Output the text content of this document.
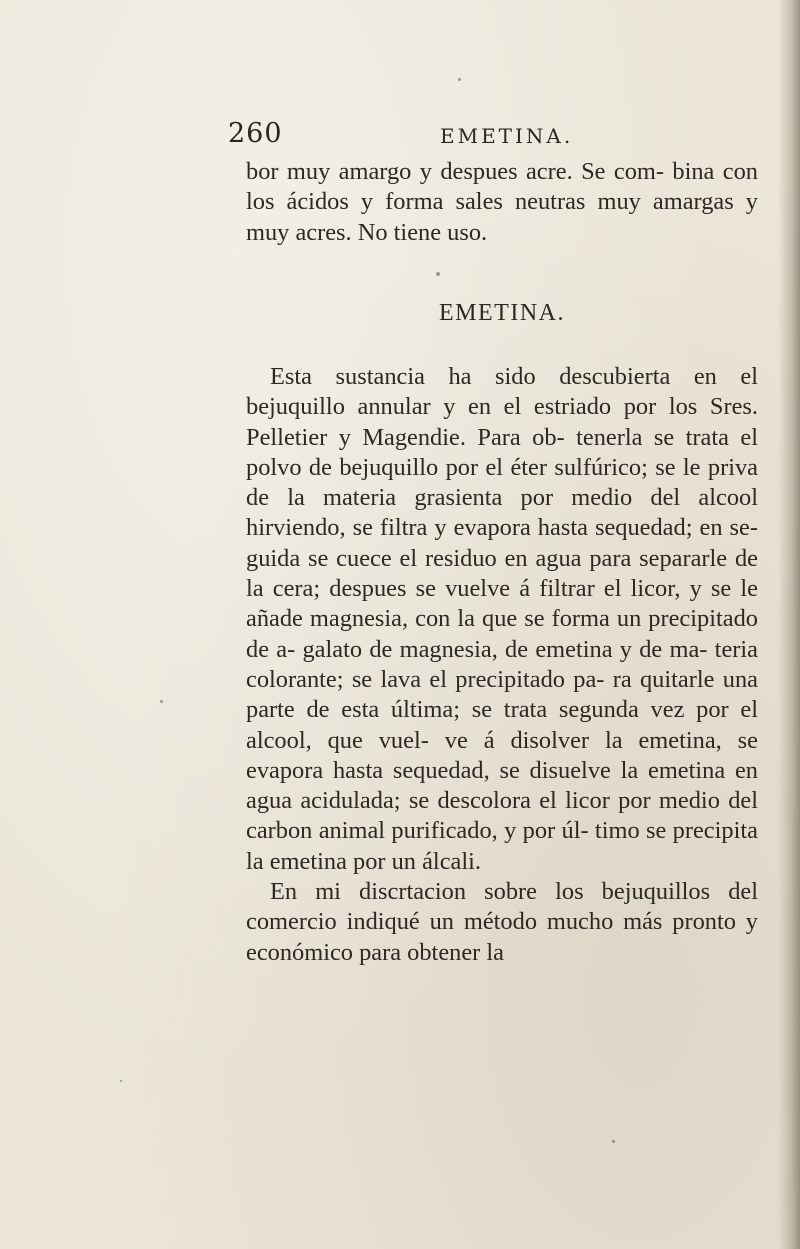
260	EMETINA.
bor muy amargo y despues acre. Se com- bina con los ácidos y forma sales neutras muy amargas y muy acres. No tiene uso.
EMETINA.

Esta sustancia ha sido descubierta en el bejuquillo annular y en el estriado por los Sres. Pelletier y Magendie. Para ob- tenerla se trata el polvo de bejuquillo por el éter sulfúrico; se le priva de la materia grasienta por medio del alcool hirviendo, se filtra y evapora hasta sequedad; en se- guida se cuece el residuo en agua para separarle de la cera; despues se vuelve á filtrar el licor, y se le añade magnesia, con la que se forma un precipitado de a- galato de magnesia, de emetina y de ma- teria colorante; se lava el precipitado pa- ra quitarle una parte de esta última; se trata segunda vez por el alcool, que vuel- ve á disolver la emetina, se evapora hasta sequedad, se disuelve la emetina en agua acidulada; se descolora el licor por medio del carbon animal purificado, y por úl- timo se precipita la emetina por un álcali.

En mi discrtacion sobre los bejuquillos del comercio indiqué un método mucho más pronto y económico para obtener la
